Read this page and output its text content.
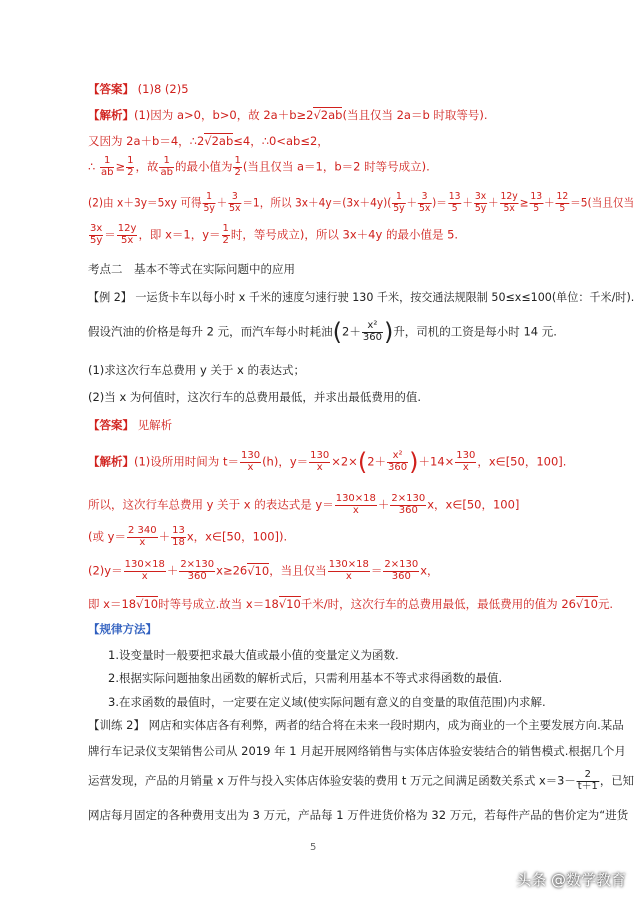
【答案】 (1)8 (2)5
【解析】(1)因为 a>0，b>0，故 2a＋b≥2√ 2ab(当且仅当 2a＝b 时取等号).
又因为 2a＋b＝4，∴2√ 2ab≤4，∴0<ab≤2，
∴ $\frac{1}{ab} \ge \frac{1}{2}$ ，故 $\frac{1}{ab}$ 的最小值为 $\frac{1}{2}$ (当且仅当 a＝1，b＝2 时等号成立).
(2)由 x＋3y＝5xy 可得 $\frac{1}{5y} + \frac{3}{5x} =1$，所以 $3x+4y=(3x+4y)( \frac{1}{5y} + \frac{3}{5x}$ )＝ $\frac{13}{5} + \frac{3x}{5y} + \frac{12y}{5x} \ge \frac{13}{5} + \frac{12}{5} =5$(当且仅当
$\frac{3x}{5y} = \frac{12y}{5x}$ ，即 x＝1，$y= \frac{1}{2}$ 时，等号成立)，所以 3x＋4y 的最小值是 5.
考点二　基本不等式在实际问题中的应用
【例 2】 一运货卡车以每小时 x 千米的速度匀速行驶 130 千米，按交通法规限制 50≤x≤100(单位：千米/时).
假设汽油的价格是每升 2 元，而汽车每小时耗油($2+ \frac{\text{x²}}{360}$ )升，司机的工资是每小时 14 元.
(1)求这次行车总费用 y 关于 x 的表达式；
(2)当 x 为何值时，这次行车的总费用最低，并求出最低费用的值.
【答案】 见解析
【解析】(1)设所用时间为 $t= \frac{130}{x} (h)$，$y= \frac{130}{x} \times 2\times(2+ \frac{\text{x²}}{360} )+14\times \frac{130}{x}$ ，x∈[50，100].
所以，这次行车总费用 y 关于 x 的表达式是 $y= \frac{130\times 18}{x} + \frac{2\times 130}{360}$ x，x∈[50，100]
(或 $y= \frac{2 340}{x} + \frac{13}{18}$ x，x∈[50，100]).
$(2)y= \frac{130\times 18}{x} + \frac{2\times 130}{360} x\ge 26√$ 10，当且仅当 $\frac{130\times 18}{x} = \frac{2\times 130}{360}$ x，
即 x＝18√ 10时等号成立.故当 x＝18√ 10千米/时，这次行车的总费用最低，最低费用的值为 26√ 10元.
【规律方法】
1.设变量时一般要把求最大值或最小值的变量定义为函数.
2.根据实际问题抽象出函数的解析式后，只需利用基本不等式求得函数的最值.
3.在求函数的最值时，一定要在定义域(使实际问题有意义的自变量的取值范围)内求解.
【训练 2】 网店和实体店各有利弊，两者的结合将在未来一段时期内，成为商业的一个主要发展方向.某品
牌行车记录仪支架销售公司从 2019 年 1 月起开展网络销售与实体店体验安装结合的销售模式.根据几个月
运营发现，产品的月销量 x 万件与投入实体店体验安装的费用 t 万元之间满足函数关系式 $x=3- \frac{2}{t+1}$ ，已知
网店每月固定的各种费用支出为 3 万元，产品每 1 万件进货价格为 32 万元，若每件产品的售价定为“进货
5
头条 @数学教育
